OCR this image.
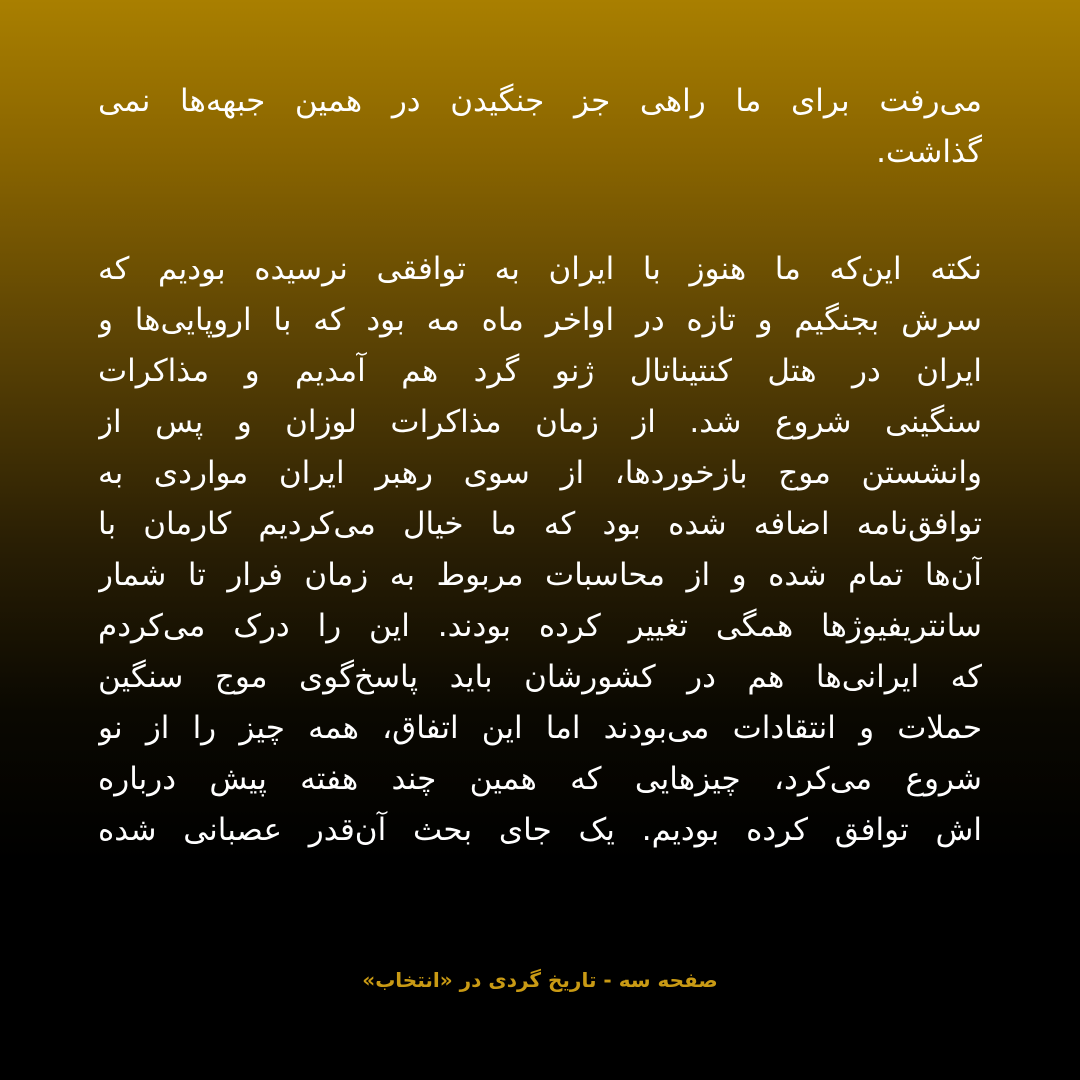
می‌رفت برای ما راهی جز جنگیدن در همین جبهه‌ها نمی
گذاشت.
نکته این‌که ما هنوز با ایران به توافقی نرسیده بودیم که
سرش بجنگیم و تازه در اواخر ماه مه بود که با اروپایی‌ها و
ایران در هتل کنتیناتال ژنو گرد هم آمدیم و مذاکرات
سنگینی شروع شد. از زمان مذاکرات لوزان و پس از
وانشستن موج بازخوردها، از سوی رهبر ایران مواردی به
توافق‌نامه اضافه شده بود که ما خیال می‌کردیم کارمان با
آن‌ها تمام شده و از محاسبات مربوط به زمان فرار تا شمار
سانتریفیوژها همگی تغییر کرده بودند. این را درک می‌کردم
که ایرانی‌ها هم در کشورشان باید پاسخ‌گوی موج سنگین
حملات و انتقادات می‌بودند اما این اتفاق، همه چیز را از نو
شروع می‌کرد، چیزهایی که همین چند هفته پیش درباره
اش توافق کرده بودیم. یک جای بحث آن‌قدر عصبانی شده
صفحه سه - تاریخ گردی در «انتخاب»
